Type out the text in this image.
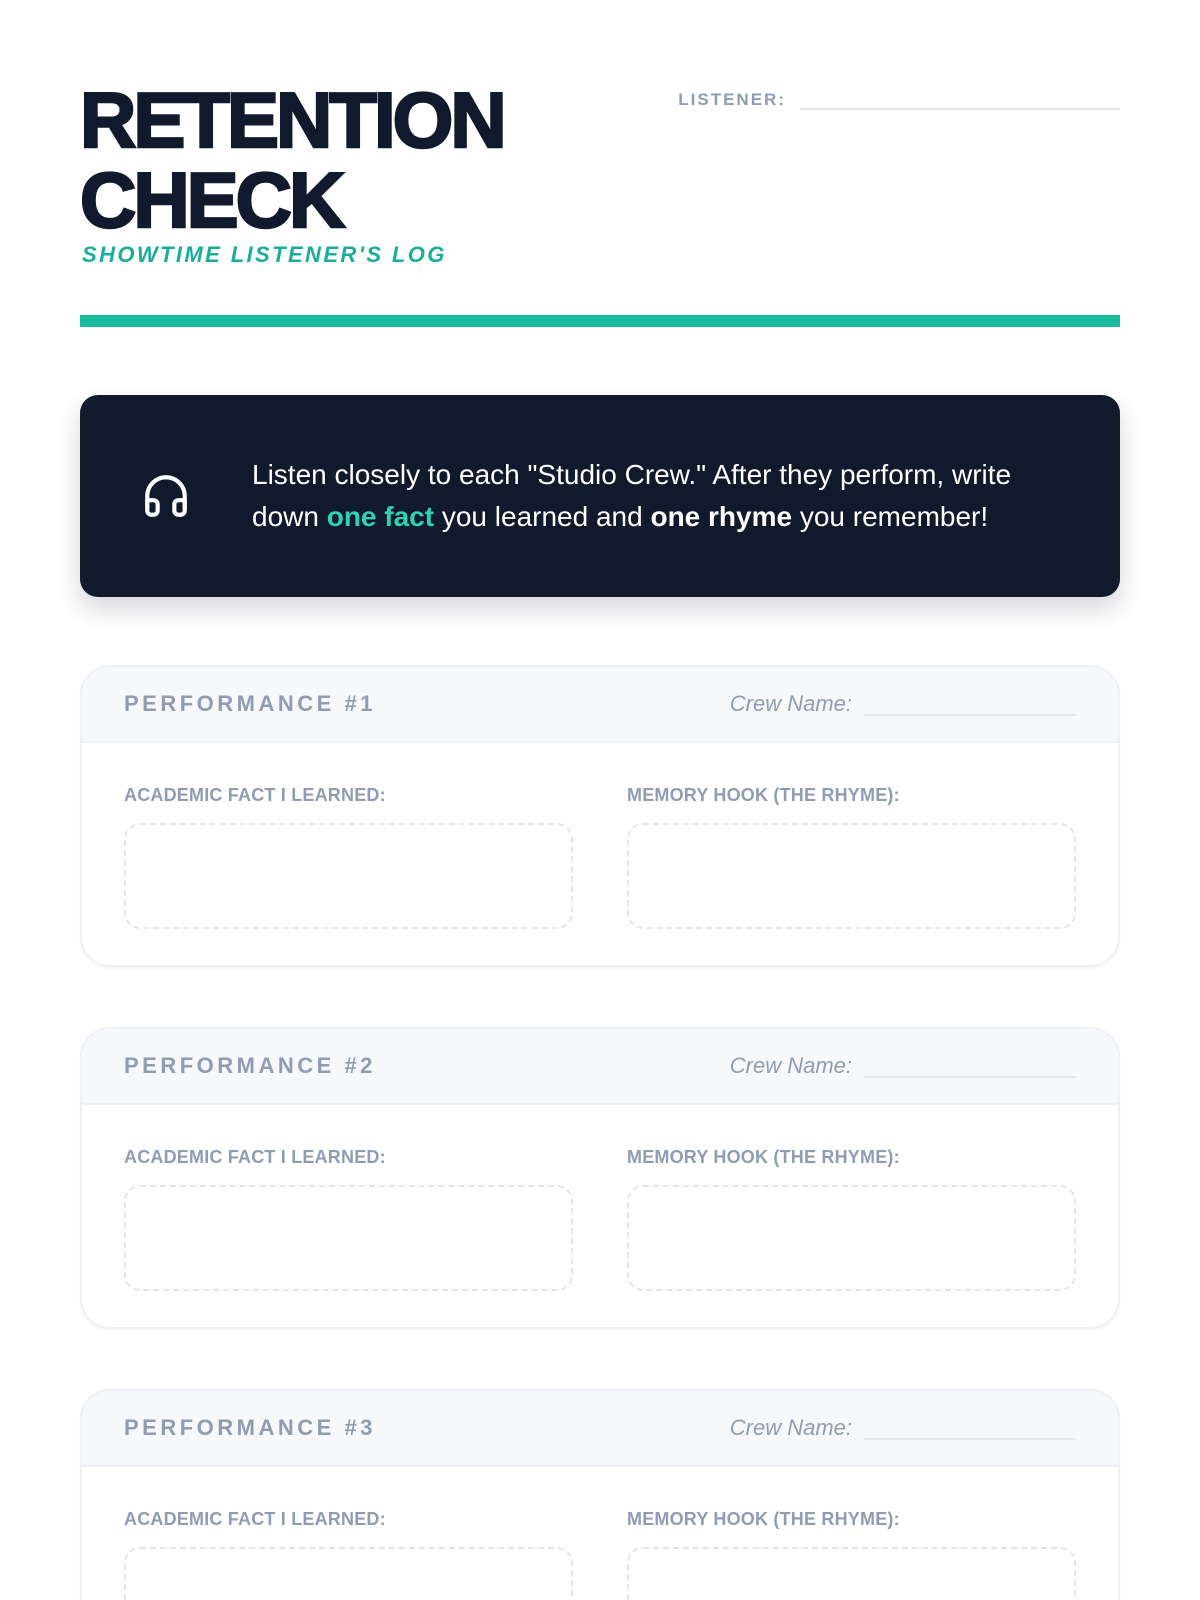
RETENTION
CHECK
SHOWTIME LISTENER'S LOG
LISTENER:

Listen closely to each "Studio Crew." After they perform, write down one fact you learned and one rhyme you remember!

PERFORMANCE #1	Crew Name:
ACADEMIC FACT I LEARNED:	MEMORY HOOK (THE RHYME):
PERFORMANCE #2	Crew Name:
ACADEMIC FACT I LEARNED:	MEMORY HOOK (THE RHYME):
PERFORMANCE #3	Crew Name:
ACADEMIC FACT I LEARNED:	MEMORY HOOK (THE RHYME):
